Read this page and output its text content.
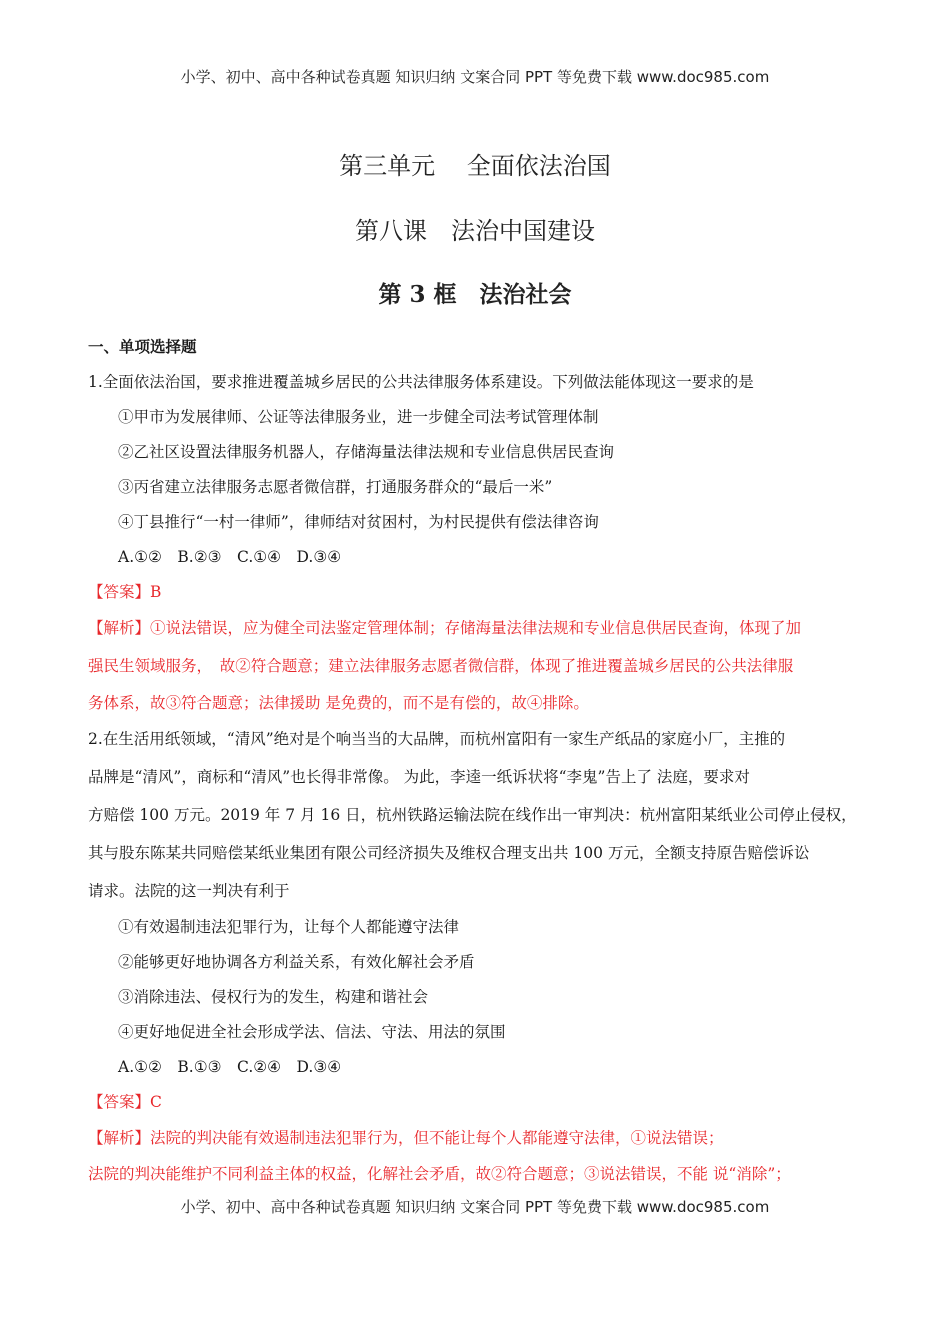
小学、初中、高中各种试卷真题 知识归纳 文案合同 PPT 等免费下载 www.doc985.com
第三单元　 全面依法治国
第八课　法治中国建设
第 3 框　法治社会
一、单项选择题
1.全面依法治国，要求推进覆盖城乡居民的公共法律服务体系建设。下列做法能体现这一要求的是
①甲市为发展律师、公证等法律服务业，进一步健全司法考试管理体制
②乙社区设置法律服务机器人，存储海量法律法规和专业信息供居民查询
③丙省建立法律服务志愿者微信群，打通服务群众的“最后一米”
④丁县推行“一村一律师”，律师结对贫困村，为村民提供有偿法律咨询
A.①②　B.②③　C.①④　D.③④
【答案】B
【解析】①说法错误，应为健全司法鉴定管理体制；存储海量法律法规和专业信息供居民查询，体现了加
强民生领域服务，　故②符合题意；建立法律服务志愿者微信群，体现了推进覆盖城乡居民的公共法律服
务体系，故③符合题意；法律援助 是免费的，而不是有偿的，故④排除。
2.在生活用纸领域，“清风”绝对是个响当当的大品牌，而杭州富阳有一家生产纸品的家庭小厂，主推的
品牌是“清风”，商标和“清风”也长得非常像。 为此，李逵一纸诉状将“李鬼”告上了 法庭，要求对
方赔偿 100 万元。2019 年 7 月 16 日，杭州铁路运输法院在线作出一审判决：杭州富阳某纸业公司停止侵权，
其与股东陈某共同赔偿某纸业集团有限公司经济损失及维权合理支出共 100 万元，全额支持原告赔偿诉讼
请求。法院的这一判决有利于
①有效遏制违法犯罪行为，让每个人都能遵守法律
②能够更好地协调各方利益关系，有效化解社会矛盾
③消除违法、侵权行为的发生，构建和谐社会
④更好地促进全社会形成学法、信法、守法、用法的氛围
A.①②　B.①③　C.②④　D.③④
【答案】C
【解析】法院的判决能有效遏制违法犯罪行为，但不能让每个人都能遵守法律，①说法错误；
法院的判决能维护不同利益主体的权益，化解社会矛盾，故②符合题意；③说法错误，不能 说“消除”；
小学、初中、高中各种试卷真题 知识归纳 文案合同 PPT 等免费下载 www.doc985.com
